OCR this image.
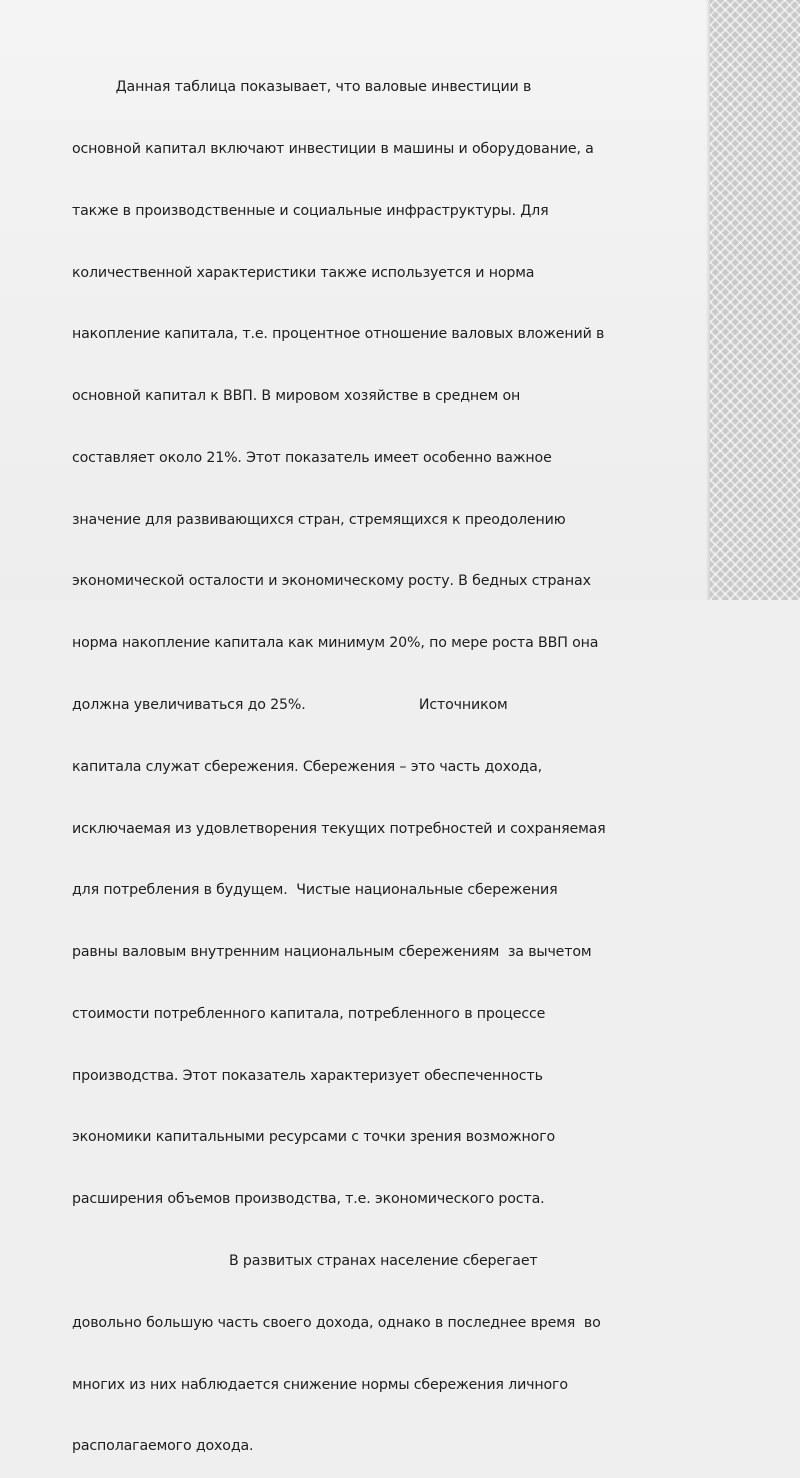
Данная таблица показывает, что валовые инвестиции в

основной капитал включают инвестиции в машины и оборудование, а

также в производственные и социальные инфраструктуры. Для

количественной характеристики также используется и норма

накопление капитала, т.е. процентное отношение валовых вложений в

основной капитал к ВВП. В мировом хозяйстве в среднем он

составляет около 21%. Этот показатель имеет особенно важное

значение для развивающихся стран, стремящихся к преодолению

экономической осталости и экономическому росту. В бедных странах

норма накопление капитала как минимум 20%, по мере роста ВВП она

должна увеличиваться до 25%.                          Источником

капитала служат сбережения. Сбережения – это часть дохода,

исключаемая из удовлетворения текущих потребностей и сохраняемая

для потребления в будущем.  Чистые национальные сбережения

равны валовым внутренним национальным сбережениям  за вычетом

стоимости потребленного капитала, потребленного в процессе

производства. Этот показатель характеризует обеспеченность

экономики капитальными ресурсами с точки зрения возможного

расширения объемов производства, т.е. экономического роста.

В развитых странах население сберегает

довольно большую часть своего дохода, однако в последнее время  во

многих из них наблюдается снижение нормы сбережения личного

располагаемого дохода.
